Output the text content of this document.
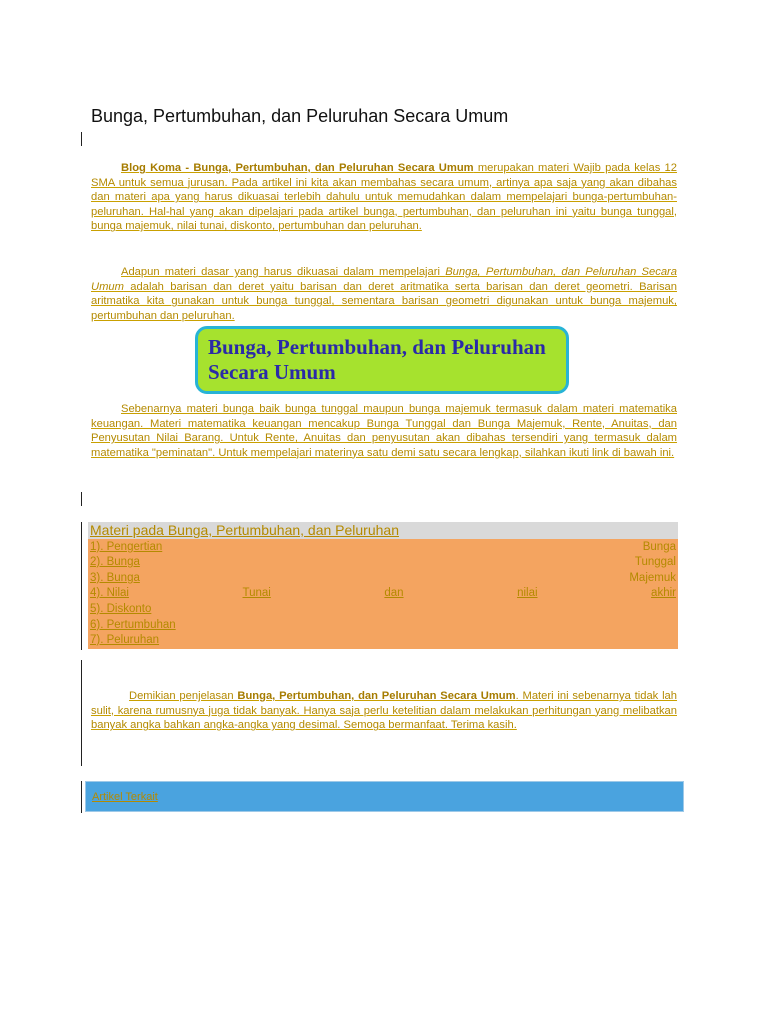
Bunga, Pertumbuhan, dan Peluruhan Secara Umum
Blog Koma - Bunga, Pertumbuhan, dan Peluruhan Secara Umum merupakan materi Wajib pada kelas 12 SMA untuk semua jurusan. Pada artikel ini kita akan membahas secara umum, artinya apa saja yang akan dibahas dan materi apa yang harus dikuasai terlebih dahulu untuk memudahkan dalam mempelajari bunga-pertumbuhan-peluruhan. Hal-hal yang akan dipelajari pada artikel bunga, pertumbuhan, dan peluruhan ini yaitu bunga tunggal, bunga majemuk, nilai tunai, diskonto, pertumbuhan dan peluruhan.
Adapun materi dasar yang harus dikuasai dalam mempelajari Bunga, Pertumbuhan, dan Peluruhan Secara Umum adalah barisan dan deret yaitu barisan dan deret aritmatika serta barisan dan deret geometri. Barisan aritmatika kita gunakan untuk bunga tunggal, sementara barisan geometri digunakan untuk bunga majemuk, pertumbuhan dan peluruhan.
Bunga, Pertumbuhan, dan Peluruhan
Secara Umum
Sebenarnya materi bunga baik bunga tunggal maupun bunga majemuk termasuk dalam materi matematika keuangan. Materi matematika keuangan mencakup Bunga Tunggal dan Bunga Majemuk, Rente, Anuitas, dan Penyusutan Nilai Barang. Untuk Rente, Anuitas dan penyusutan akan dibahas tersendiri yang termasuk dalam matematika "peminatan". Untuk mempelajari materinya satu demi satu secara lengkap, silahkan ikuti link di bawah ini.
Materi pada Bunga, Pertumbuhan, dan Peluruhan
1). Pengertian	Bunga
2). Bunga	Tunggal
3). Bunga	Majemuk
4). Nilai	Tunai	dan	nilai	akhir
5). Diskonto
6). Pertumbuhan
7). Peluruhan
Demikian penjelasan Bunga, Pertumbuhan, dan Peluruhan Secara Umum. Materi ini sebenarnya tidak lah sulit, karena rumusnya juga tidak banyak. Hanya saja perlu ketelitian dalam melakukan perhitungan yang melibatkan banyak angka bahkan angka-angka yang desimal. Semoga bermanfaat. Terima kasih.
Artikel Terkait
